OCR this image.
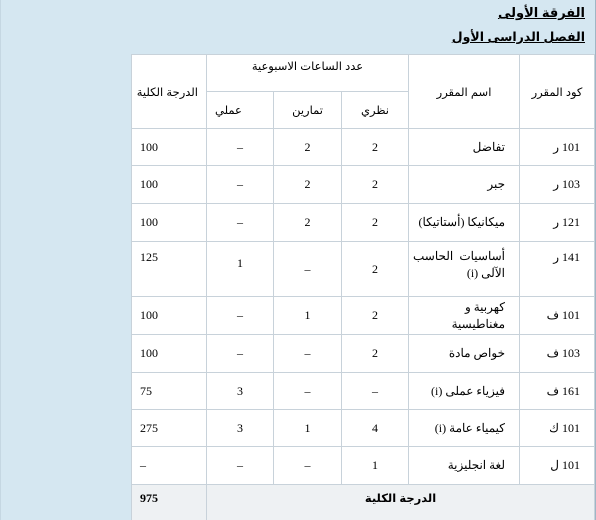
الفرقة الأولى
الفصل الدراسى الأول
كود المقرر	اسم المقرر	عدد الساعات الاسبوعية			الدرجة الكلية
		نظري	تمارين	عملي	
101 ر	تفاضل	2	2	–	100
103 ر	جبر	2	2	–	100
121 ر	ميكانيكا (أستاتيكا)	2	2	–	100
141 ر	أساسيات
الحاسب
الآلى (i)	2	–	1	125
101 ف	كهربية و مغناطيسية	2	1	–	100
103 ف	خواص مادة	2	–	–	100
161 ف	فيزياء عملى (i)	–	–	3	75
101 ك	كيمياء عامة (i)	4	1	3	275
101 ل	لغة انجليزية	1	–	–	–
الدرجة الكلية					975
